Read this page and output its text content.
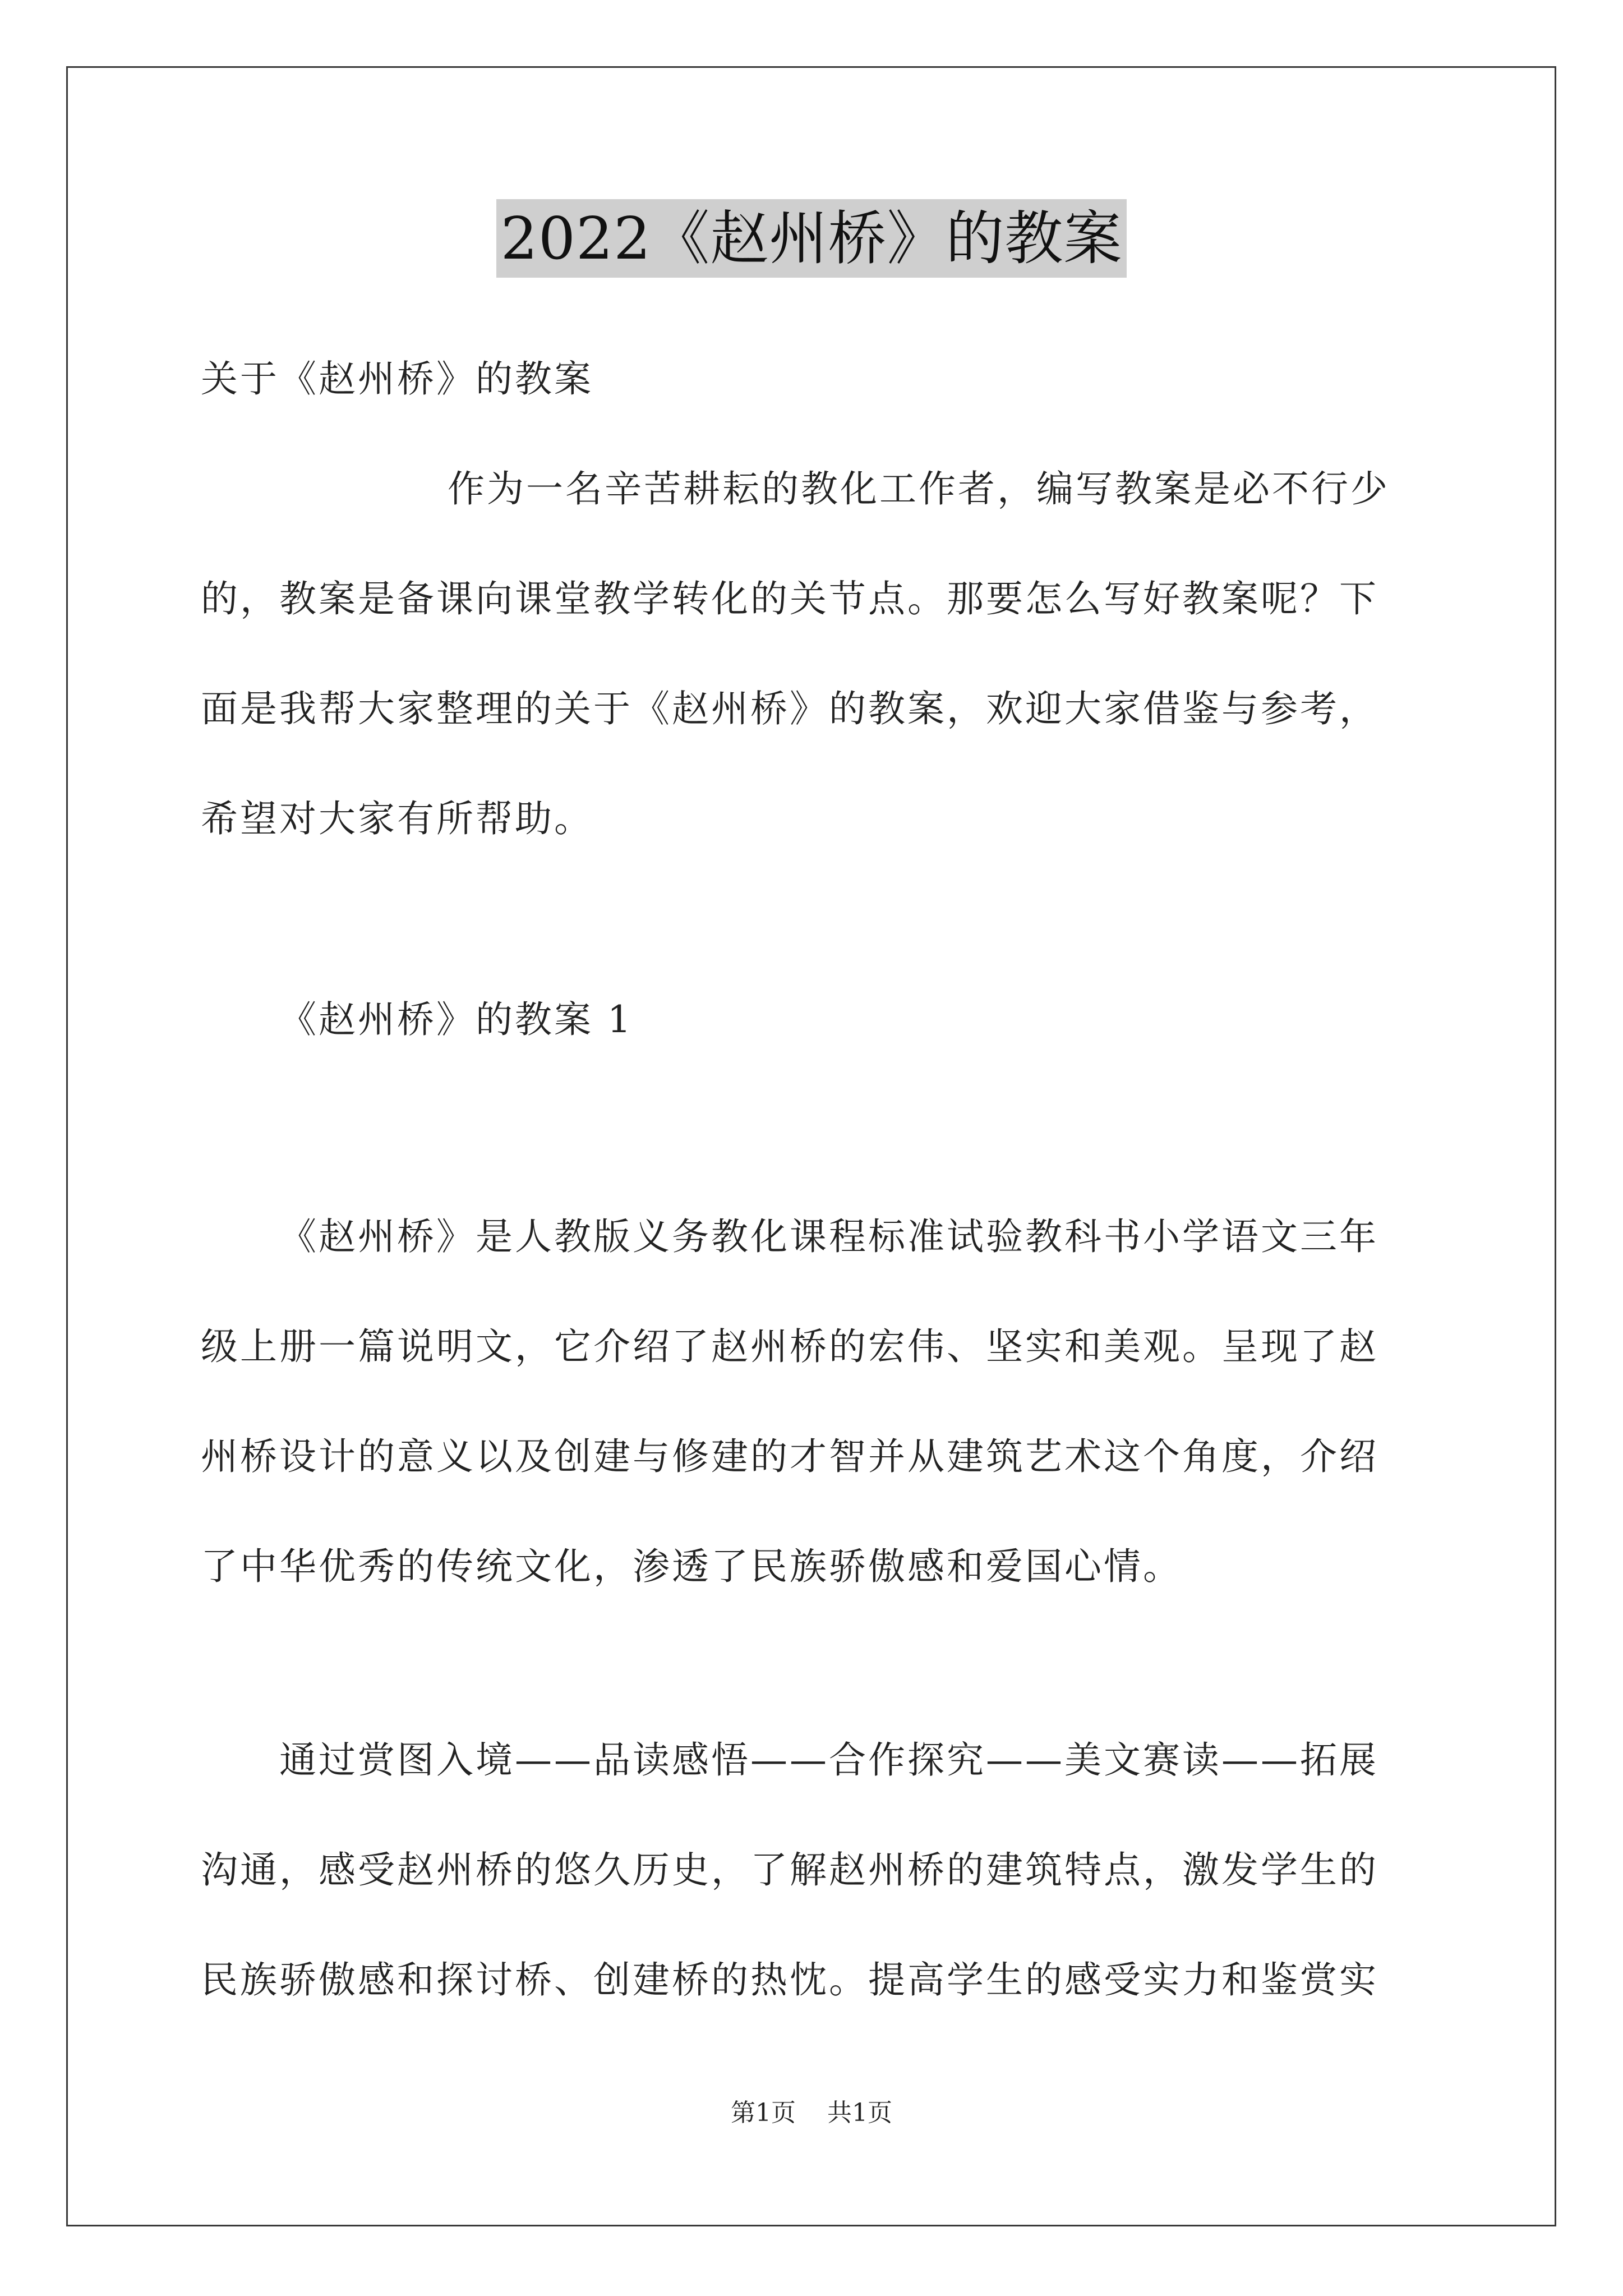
2022《赵州桥》的教案
关于《赵州桥》的教案
作为一名辛苦耕耘的教化工作者，编写教案是必不行少
的，教案是备课向课堂教学转化的关节点。那要怎么写好教案呢？下
面是我帮大家整理的关于《赵州桥》的教案，欢迎大家借鉴与参考，
希望对大家有所帮助。
《赵州桥》的教案 1
《赵州桥》是人教版义务教化课程标准试验教科书小学语文三年
级上册一篇说明文，它介绍了赵州桥的宏伟、坚实和美观。呈现了赵
州桥设计的意义以及创建与修建的才智并从建筑艺术这个角度，介绍
了中华优秀的传统文化，渗透了民族骄傲感和爱国心情。
通过赏图入境——品读感悟——合作探究——美文赛读——拓展
沟通，感受赵州桥的悠久历史，了解赵州桥的建筑特点，激发学生的
民族骄傲感和探讨桥、创建桥的热忱。提高学生的感受实力和鉴赏实
第1页 共1页
